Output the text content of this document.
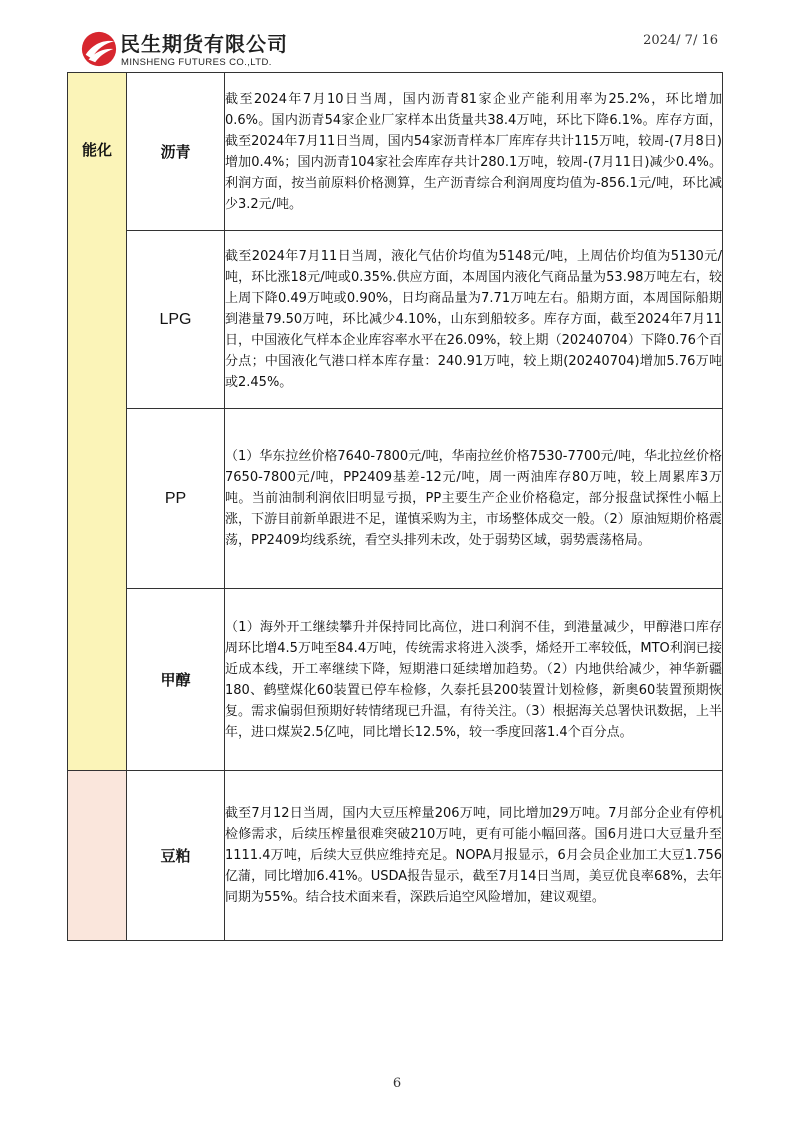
民生期货有限公司
MINSHENG FUTURES CO.,LTD.
2024/ 7/ 16
能化	沥青	截至2024年7月10日当周，国内沥青81家企业产能利用率为25.2%，环比增加0.6%。国内沥青54家企业厂家样本出货量共38.4万吨，环比下降6.1%。库存方面，截至2024年7月11日当周，国内54家沥青样本厂库库存共计115万吨，较周-(7月8日)增加0.4%；国内沥青104家社会库库存共计280.1万吨，较周-(7月11日)减少0.4%。利润方面，按当前原料价格测算，生产沥青综合利润周度均值为-856.1元/吨，环比减少3.2元/吨。
	LPG	截至2024年7月11日当周，液化气估价均值为5148元/吨，上周估价均值为5130元/吨，环比涨18元/吨或0.35%.供应方面，本周国内液化气商品量为53.98万吨左右，较上周下降0.49万吨或0.90%，日均商品量为7.71万吨左右。船期方面，本周国际船期到港量79.50万吨，环比减少4.10%，山东到船较多。库存方面，截至2024年7月11日，中国液化气样本企业库容率水平在26.09%，较上期（20240704）下降0.76个百分点；中国液化气港口样本库存量：240.91万吨，较上期(20240704)增加5.76万吨或2.45%。
	PP	（1）华东拉丝价格7640-7800元/吨，华南拉丝价格7530-7700元/吨，华北拉丝价格7650-7800元/吨，PP2409基差-12元/吨，周一两油库存80万吨，较上周累库3万吨。当前油制利润依旧明显亏损，PP主要生产企业价格稳定，部分报盘试探性小幅上涨，下游目前新单跟进不足，谨慎采购为主，市场整体成交一般。（2）原油短期价格震荡，PP2409均线系统，看空头排列未改，处于弱势区域，弱势震荡格局。
	甲醇	（1）海外开工继续攀升并保持同比高位，进口利润不佳，到港量减少，甲醇港口库存周环比增4.5万吨至84.4万吨，传统需求将进入淡季，烯烃开工率较低，MTO利润已接近成本线，开工率继续下降，短期港口延续增加趋势。（2）内地供给减少，神华新疆180、鹤壁煤化60装置已停车检修，久泰托县200装置计划检修，新奥60装置预期恢复。需求偏弱但预期好转情绪现已升温，有待关注。（3）根据海关总署快讯数据，上半年，进口煤炭2.5亿吨，同比增长12.5%，较一季度回落1.4个百分点。
	豆粕	截至7月12日当周，国内大豆压榨量206万吨，同比增加29万吨。7月部分企业有停机检修需求，后续压榨量很难突破210万吨，更有可能小幅回落。国6月进口大豆量升至1111.4万吨，后续大豆供应维持充足。NOPA月报显示，6月会员企业加工大豆1.756亿蒲，同比增加6.41%。USDA报告显示，截至7月14日当周，美豆优良率68%，去年同期为55%。结合技术面来看，深跌后追空风险增加，建议观望。
6
